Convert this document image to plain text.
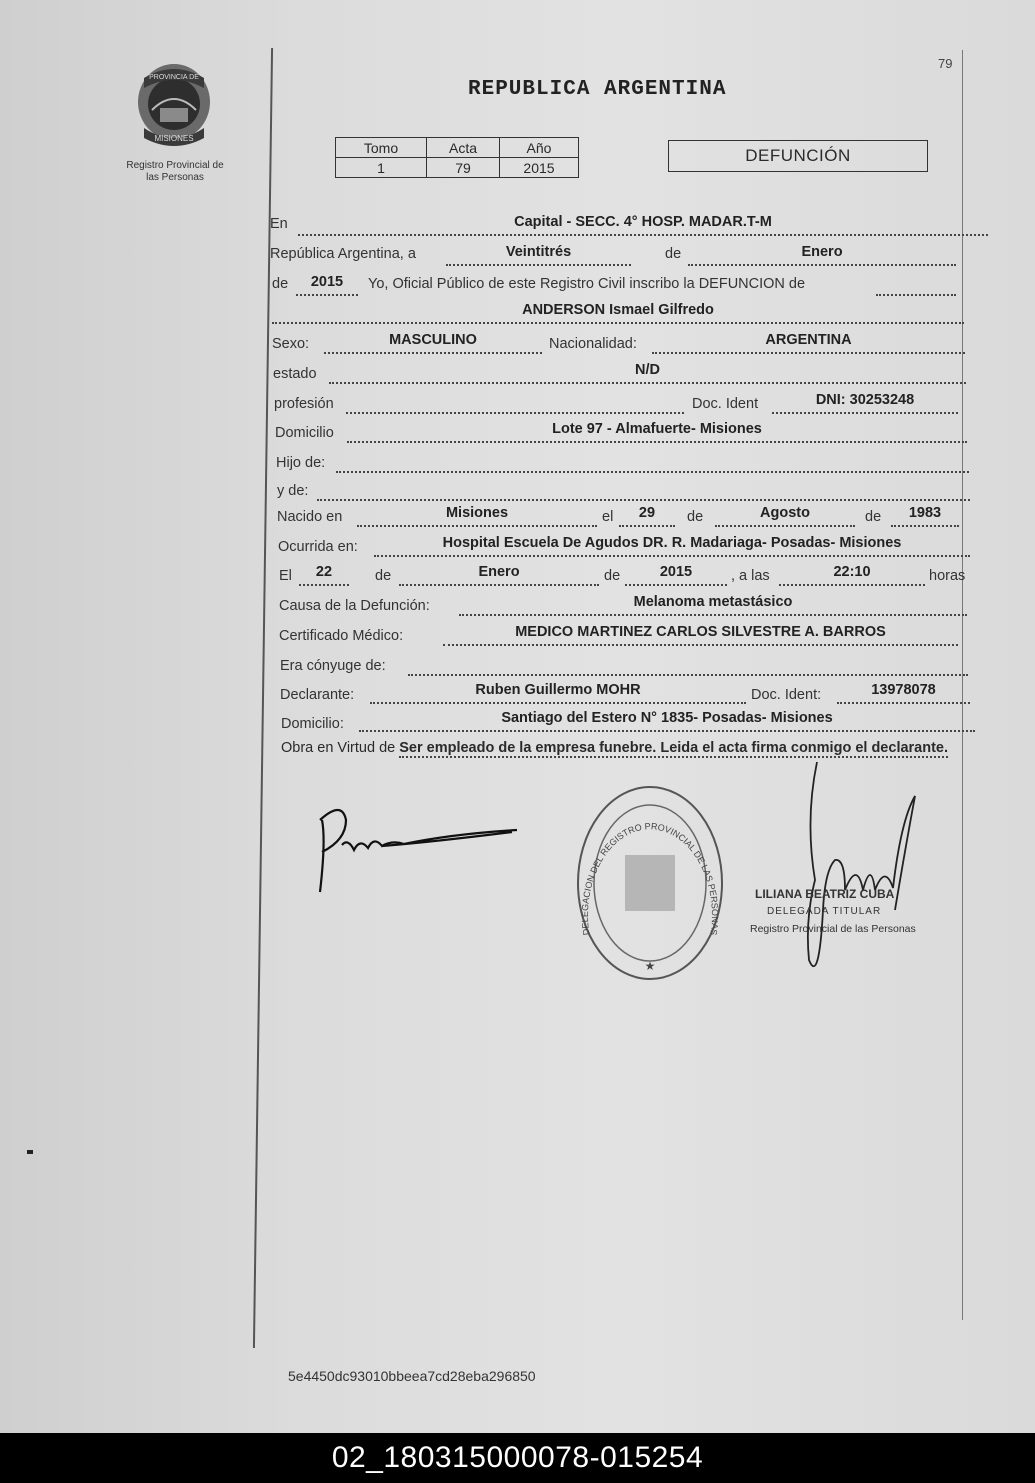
79
PROVINCIA DE
MISIONES
Registro Provincial de
las Personas
REPUBLICA ARGENTINA
Tomo	Acta	Año
1	79	2015
DEFUNCIÓN
En	Capital - SECC. 4° HOSP. MADAR.T-M
República Argentina, a	Veintitrés	de	Enero
de	2015	Yo, Oficial Público de este Registro Civil inscribo la DEFUNCION de
ANDERSON Ismael Gilfredo
Sexo:	MASCULINO	Nacionalidad:	ARGENTINA
estado	N/D
profesión	Doc. Ident	DNI: 30253248
Domicilio	Lote 97 - Almafuerte- Misiones
Hijo de:
y de:
Nacido en	Misiones	el	29	de	Agosto	de	1983
Ocurrida en:	Hospital Escuela De Agudos DR. R. Madariaga- Posadas- Misiones
El	22	de	Enero	de	2015	, a las	22:10	horas
Causa de la Defunción:	Melanoma metastásico
Certificado Médico:	MEDICO MARTINEZ CARLOS SILVESTRE A. BARROS
Era cónyuge de:
Declarante:	Ruben Guillermo MOHR	Doc. Ident:	13978078
Domicilio:	Santiago del Estero N° 1835- Posadas- Misiones
Obra en Virtud de Ser empleado de la empresa funebre. Leida el acta firma conmigo el declarante.
DELEGACION DEL REGISTRO PROVINCIAL DE LAS PERSONAS
★
LILIANA BEATRIZ CUBA
DELEGADA TITULAR
Registro Provincial de las Personas
5e4450dc93010bbeea7cd28eba296850
02_180315000078-015254
